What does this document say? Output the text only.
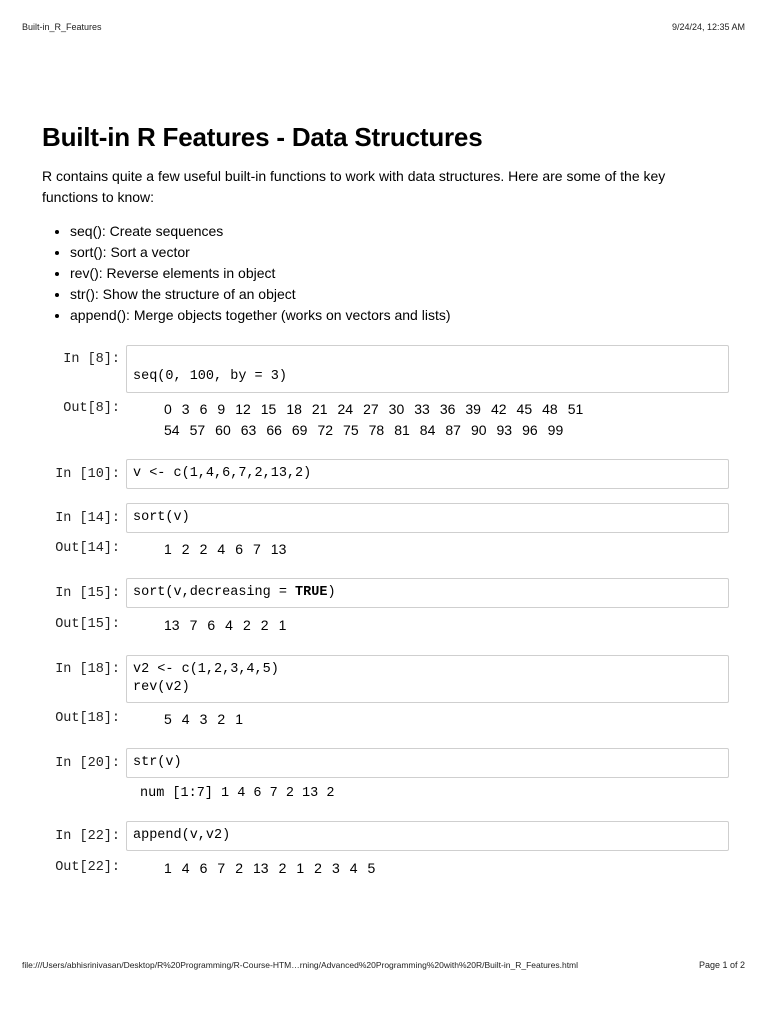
Built-in_R_Features	9/24/24, 12:35 AM
Built-in R Features - Data Structures

R contains quite a few useful built-in functions to work with data structures. Here are some of the key functions to know:

• seq(): Create sequences
• sort(): Sort a vector
• rev(): Reverse elements in object
• str(): Show the structure of an object
• append(): Merge objects together (works on vectors and lists)
In [8]:
seq(0, 100, by = 3)
Out[8]:	0 3 6 9 12 15 18 21 24 27 30 33 36 39 42 45 48 51
54 57 60 63 66 69 72 75 78 81 84 87 90 93 96 99
In [10]: v <- c(1,4,6,7,2,13,2)
In [14]: sort(v)
Out[14]:	1 2 2 4 6 7 13
In [15]: sort(v,decreasing = TRUE)
Out[15]:	13 7 6 4 2 2 1
In [18]: v2 <- c(1,2,3,4,5)
rev(v2)
Out[18]:	5 4 3 2 1
In [20]: str(v)
num [1:7] 1 4 6 7 2 13 2
In [22]: append(v,v2)
Out[22]:	1 4 6 7 2 13 2 1 2 3 4 5
file:///Users/abhisrinivasan/Desktop/R%20Programming/R-Course-HTM…rning/Advanced%20Programming%20with%20R/Built-in_R_Features.html	Page 1 of 2
